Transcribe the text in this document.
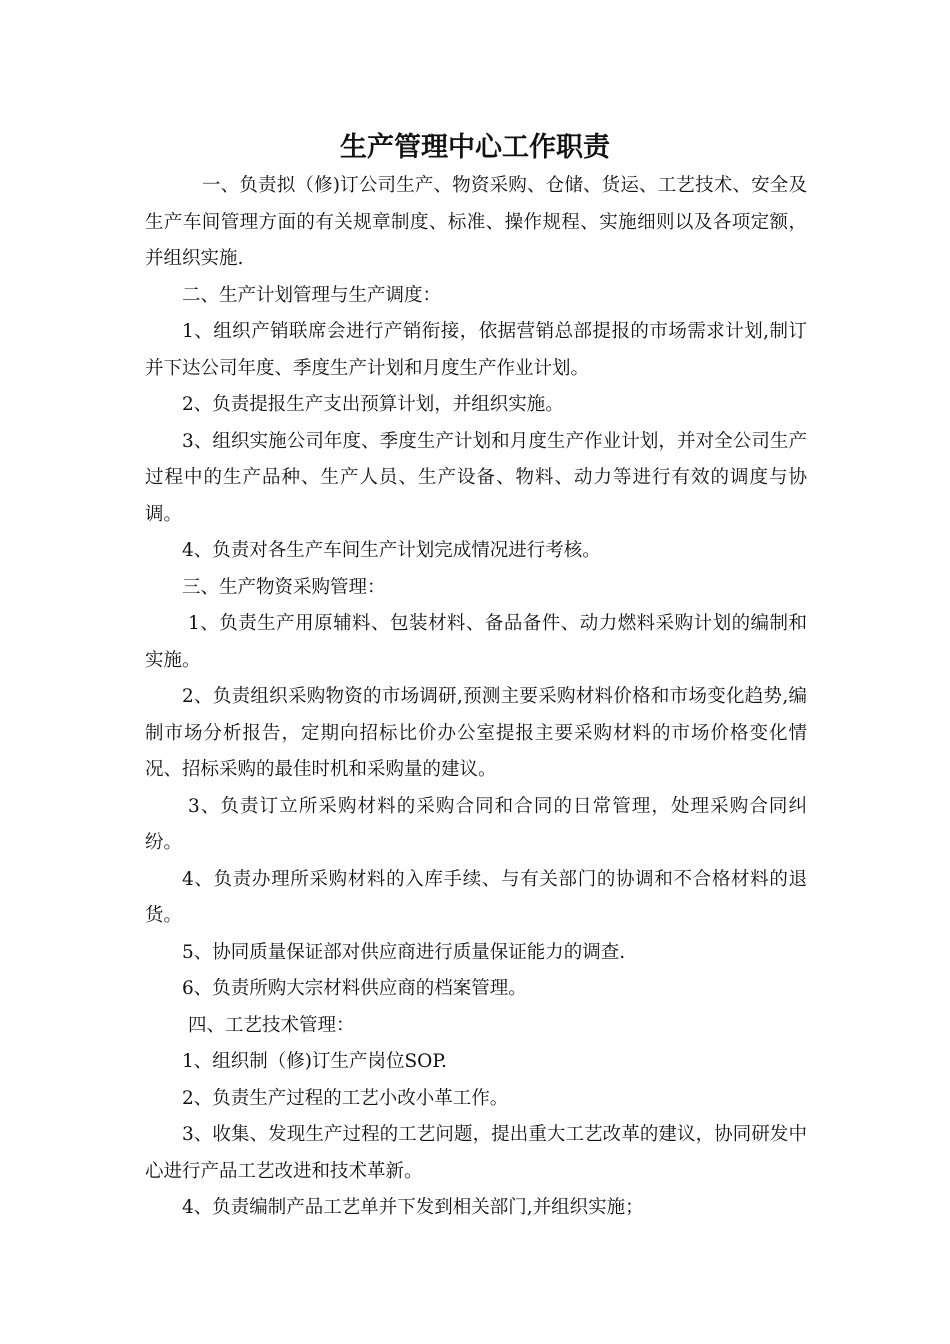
生产管理中心工作职责

一、负责拟（修)订公司生产、物资采购、仓储、货运、工艺技术、安全及生产车间管理方面的有关规章制度、标准、操作规程、实施细则以及各项定额，并组织实施.

二、生产计划管理与生产调度：

1、组织产销联席会进行产销衔接，依据营销总部提报的市场需求计划,制订并下达公司年度、季度生产计划和月度生产作业计划。

2、负责提报生产支出预算计划，并组织实施。

3、组织实施公司年度、季度生产计划和月度生产作业计划，并对全公司生产过程中的生产品种、生产人员、生产设备、物料、动力等进行有效的调度与协调。

4、负责对各生产车间生产计划完成情况进行考核。

三、生产物资采购管理：

1、负责生产用原辅料、包装材料、备品备件、动力燃料采购计划的编制和实施。

2、负责组织采购物资的市场调研,预测主要采购材料价格和市场变化趋势,编制市场分析报告，定期向招标比价办公室提报主要采购材料的市场价格变化情况、招标采购的最佳时机和采购量的建议。

3、负责订立所采购材料的采购合同和合同的日常管理，处理采购合同纠纷。

4、负责办理所采购材料的入库手续、与有关部门的协调和不合格材料的退货。

5、协同质量保证部对供应商进行质量保证能力的调查.

6、负责所购大宗材料供应商的档案管理。

四、工艺技术管理：

1、组织制（修)订生产岗位SOP.

2、负责生产过程的工艺小改小革工作。

3、收集、发现生产过程的工艺问题，提出重大工艺改革的建议，协同研发中心进行产品工艺改进和技术革新。

4、负责编制产品工艺单并下发到相关部门,并组织实施；
